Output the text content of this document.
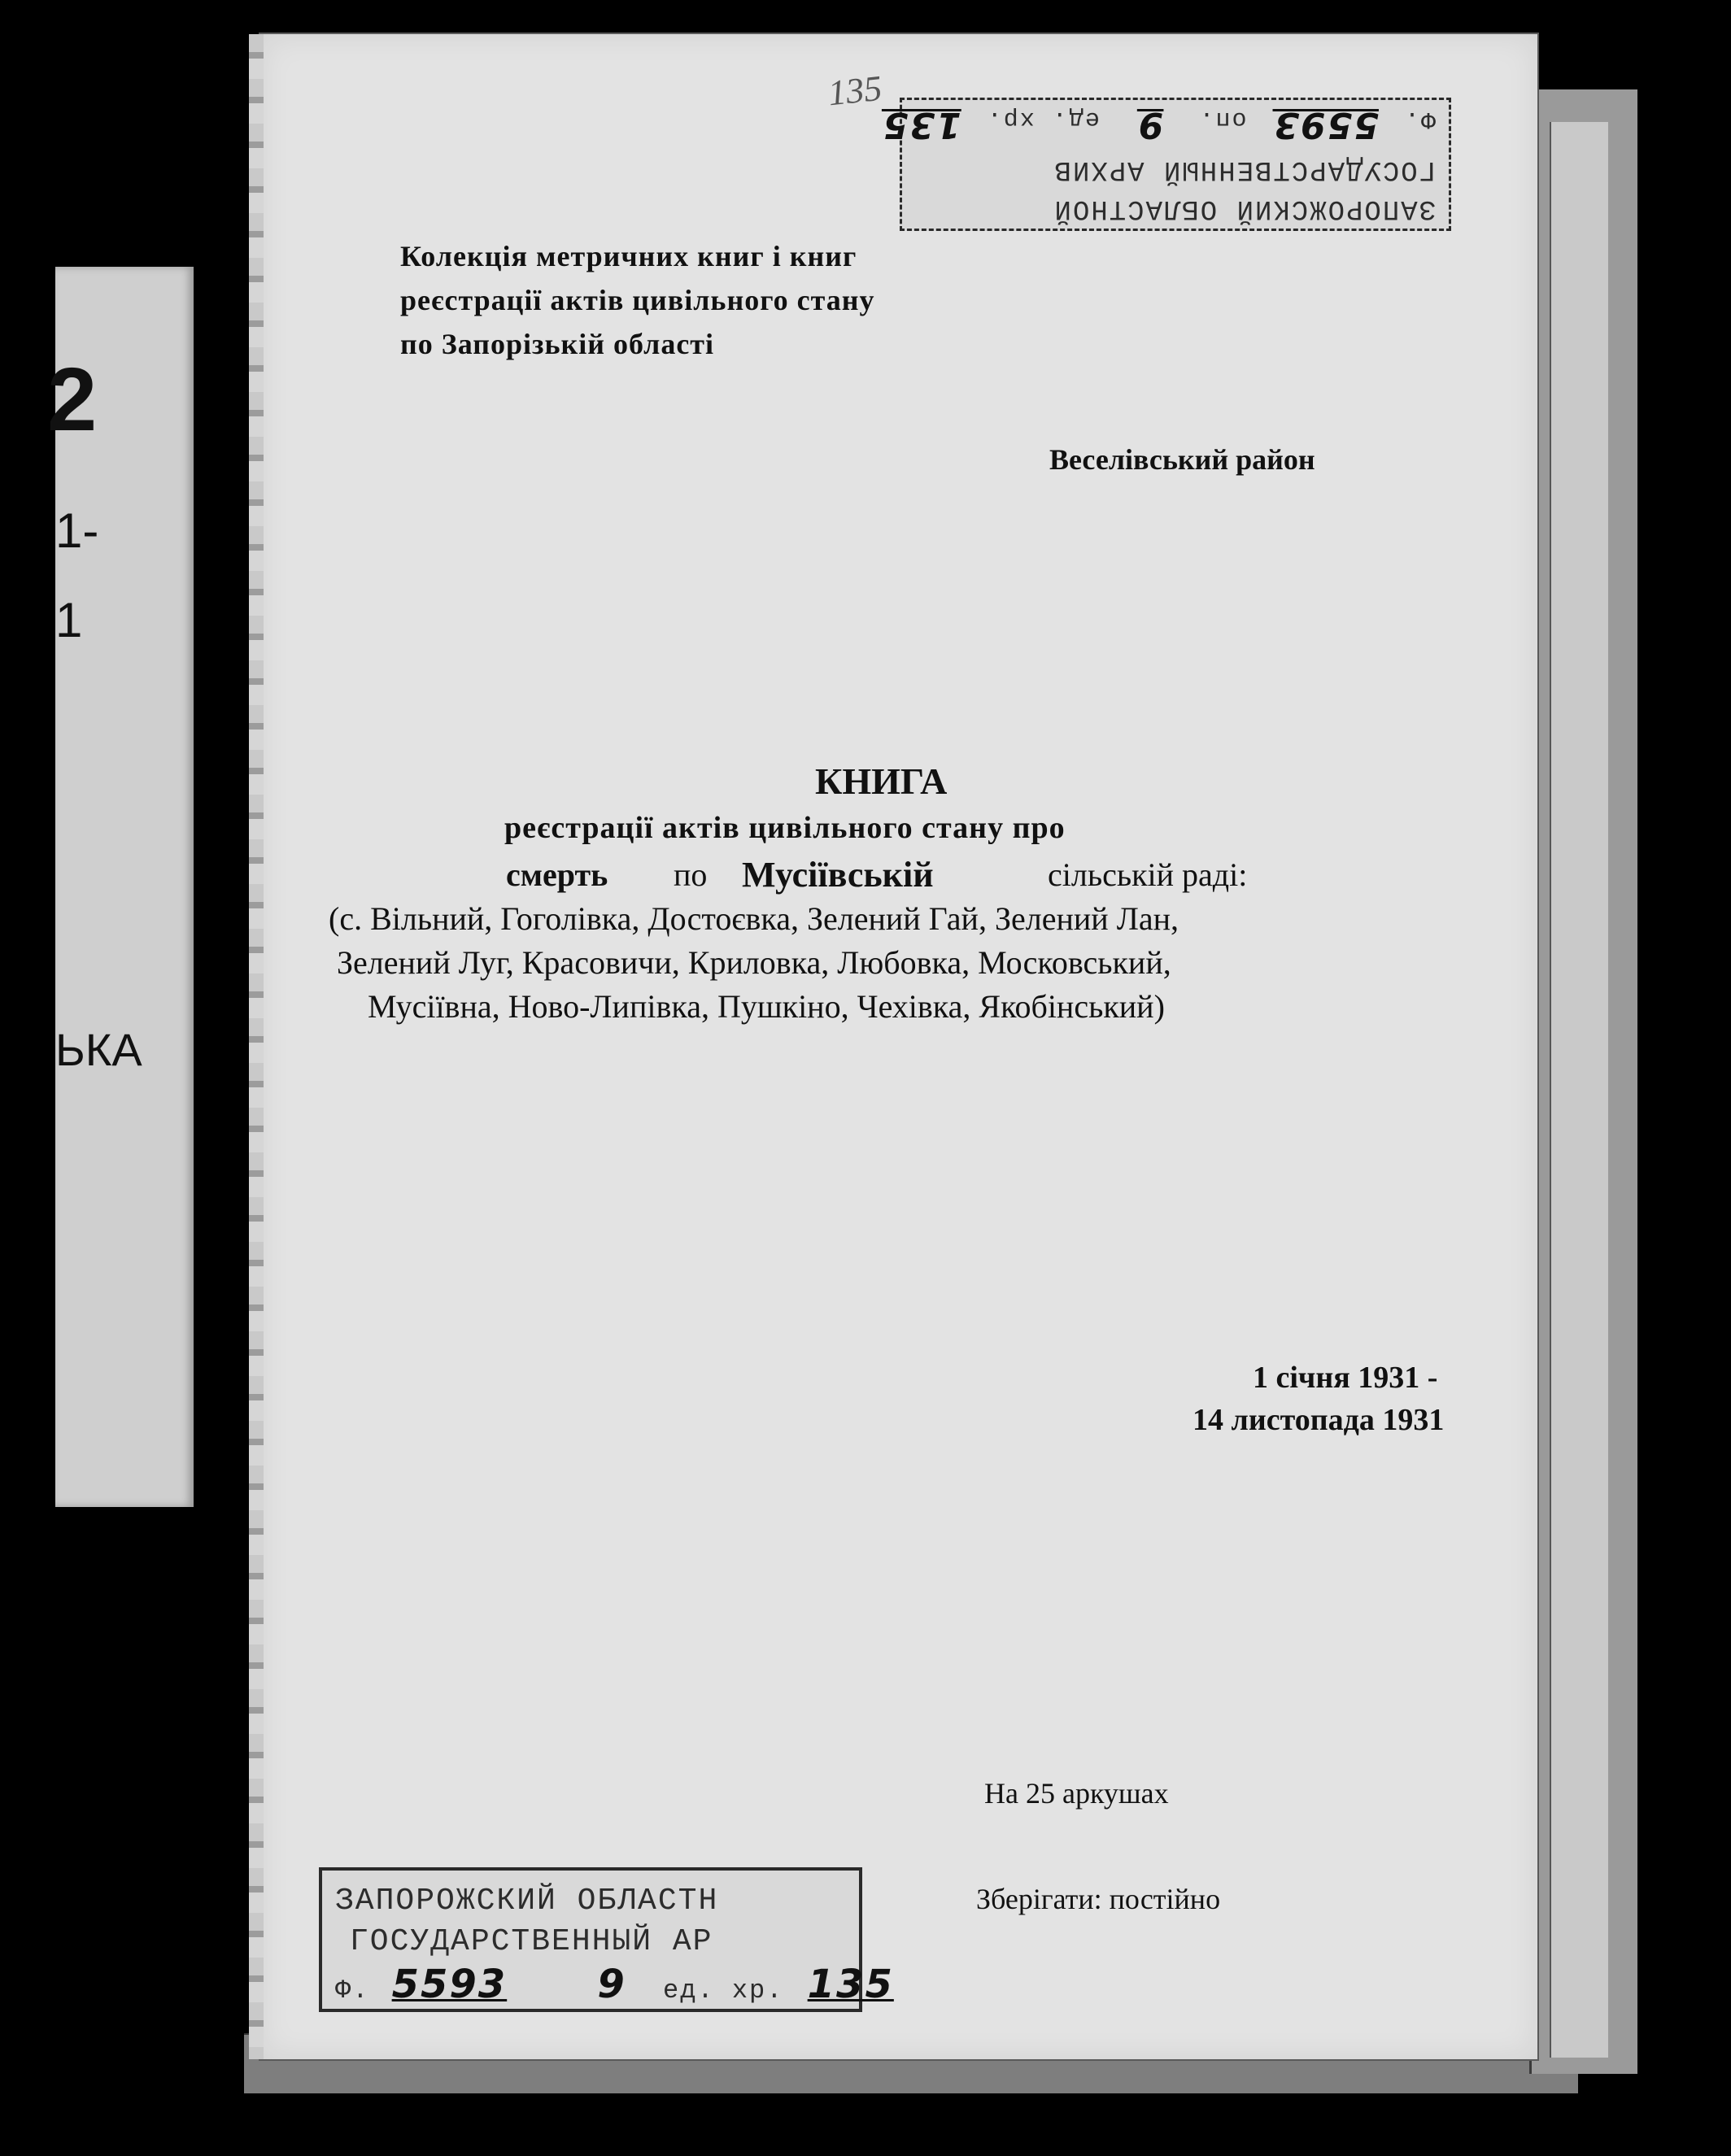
2
1-
1
ЬКА
135
Колекція метричних книг і книг
реєстрації актів цивільного стану
по Запорізькій області
Веселівський район
КНИГА
реєстрації актів цивільного стану про
смерть по Мусіївській	сільській раді:
(с. Вільний, Гоголівка, Достоєвка, Зелений Гай, Зелений Лан,
Зелений Луг, Красовичи, Криловка, Любовка, Московський,
Мусіївна, Ново-Липівка, Пушкіно, Чехівка, Якобінський)
1 січня 1931 -
14 листопада 1931
На 25 аркушах
Зберігати: постійно
ЗАПОРОЖСКИЙ ОБЛАСТНОЙ
ГОСУДАРСТВЕННЫЙ АРХИВ
Ф. 5593 оп. 9 ед. хр. 135
ЗАПОРОЖСКИЙ ОБЛАСТН
ГОСУДАРСТВЕННЫЙ АР
Ф. 5593 9 ед. хр. 135
